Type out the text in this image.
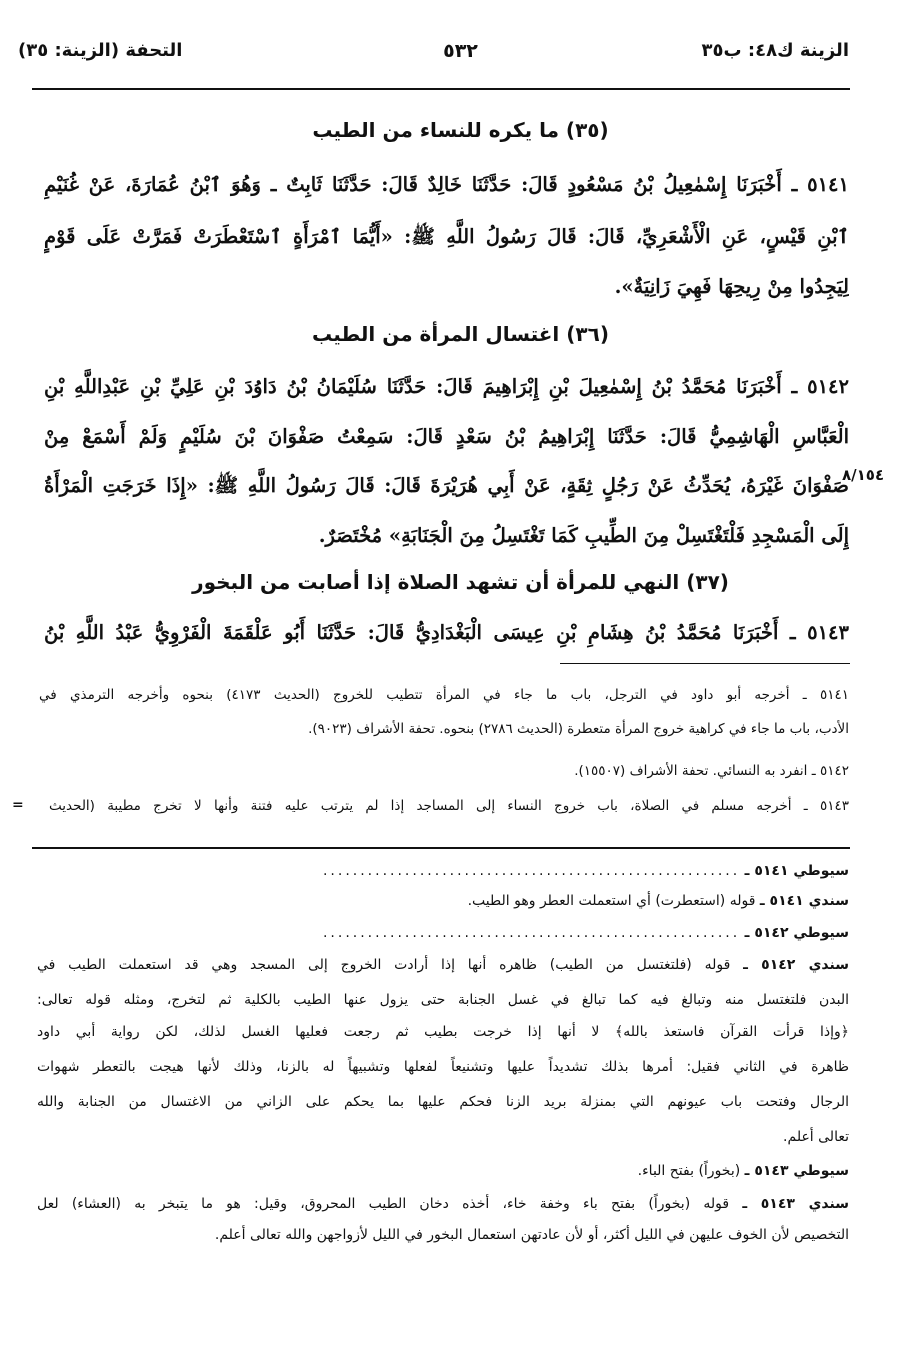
الزينة ك٤٨: ب٣٥
٥٣٢
التحفة (الزينة: ٣٥)
(٣٥) ما يكره للنساء من الطيب
٥١٤١ ـ أَخْبَرَنَا إِسْمٰعِيلُ بْنُ مَسْعُودٍ قَالَ: حَدَّثَنَا خَالِدٌ قَالَ: حَدَّثَنَا ثَابِتٌ ـ وَهُوَ ٱبْنُ عُمَارَةَ، عَنْ غُنَيْمِ
ٱبْنِ قَيْسٍ، عَنِ الْأَشْعَرِيِّ، قَالَ: قَالَ رَسُولُ اللَّهِ ﷺ: «أَيُّمَا ٱمْرَأَةٍ ٱسْتَعْطَرَتْ فَمَرَّتْ عَلَى قَوْمٍ
لِيَجِدُوا مِنْ رِيحِهَا فَهِيَ زَانِيَةٌ».
(٣٦) اغتسال المرأة من الطيب
٥١٤٢ ـ أَخْبَرَنَا مُحَمَّدُ بْنُ إِسْمٰعِيلَ بْنِ إِبْرَاهِيمَ قَالَ: حَدَّثَنَا سُلَيْمَانُ بْنُ دَاوُدَ بْنِ عَلِيِّ بْنِ عَبْدِاللَّهِ بْنِ
الْعَبَّاسِ الْهَاشِمِيُّ قَالَ: حَدَّثَنَا إِبْرَاهِيمُ بْنُ سَعْدٍ قَالَ: سَمِعْتُ صَفْوَانَ بْنَ سُلَيْمٍ وَلَمْ أَسْمَعْ مِنْ
صَفْوَانَ غَيْرَهُ، يُحَدِّثُ عَنْ رَجُلٍ ثِقَةٍ، عَنْ أَبِي هُرَيْرَةَ قَالَ: قَالَ رَسُولُ اللَّهِ ﷺ: «إِذَا خَرَجَتِ الْمَرْأَةُ
إِلَى الْمَسْجِدِ فَلْتَغْتَسِلْ مِنَ الطِّيبِ كَمَا تَغْتَسِلُ مِنَ الْجَنَابَةِ» مُخْتَصَرٌ.
٨/١٥٤
(٣٧) النهي للمرأة أن تشهد الصلاة إذا أصابت من البخور
٥١٤٣ ـ أَخْبَرَنَا مُحَمَّدُ بْنُ هِشَامِ بْنِ عِيسَى الْبَغْدَادِيُّ قَالَ: حَدَّثَنَا أَبُو عَلْقَمَةَ الْفَرْوِيُّ عَبْدُ اللَّهِ بْنُ
٥١٤١ ـ أخرجه أبو داود في الترجل، باب ما جاء في المرأة تتطيب للخروج (الحديث ٤١٧٣) بنحوه وأخرجه الترمذي في
الأدب، باب ما جاء في كراهية خروج المرأة متعطرة (الحديث ٢٧٨٦) بنحوه. تحفة الأشراف (٩٠٢٣).
٥١٤٢ ـ انفرد به النسائي. تحفة الأشراف (١٥٥٠٧).
٥١٤٣ ـ أخرجه مسلم في الصلاة، باب خروج النساء إلى المساجد إذا لم يترتب عليه فتنة وأنها لا تخرج مطيبة (الحديث
=
سيوطي ٥١٤١ ـ ........................................................
سندي ٥١٤١ ـ قوله (استعطرت) أي استعملت العطر وهو الطيب.
سيوطي ٥١٤٢ ـ ........................................................
سندي ٥١٤٢ ـ قوله (فلتغتسل من الطيب) ظاهره أنها إذا أرادت الخروج إلى المسجد وهي قد استعملت الطيب في
البدن فلتغتسل منه وتبالغ فيه كما تبالغ في غسل الجنابة حتى يزول عنها الطيب بالكلية ثم لتخرج، ومثله قوله تعالى:
﴿وإذا قرأت القرآن فاستعذ بالله﴾ لا أنها إذا خرجت بطيب ثم رجعت فعليها الغسل لذلك، لكن رواية أبي داود
ظاهرة في الثاني فقيل: أمرها بذلك تشديداً عليها وتشنيعاً لفعلها وتشبيهاً له بالزنا، وذلك لأنها هيجت بالتعطر شهوات
الرجال وفتحت باب عيونهم التي بمنزلة بريد الزنا فحكم عليها بما يحكم على الزاني من الاغتسال من الجنابة والله
تعالى أعلم.
سيوطي ٥١٤٣ ـ (بخوراً) بفتح الباء.
سندي ٥١٤٣ ـ قوله (بخوراً) بفتح باء وخفة خاء، أخذه دخان الطيب المحروق، وقيل: هو ما يتبخر به (العشاء) لعل
التخصيص لأن الخوف عليهن في الليل أكثر، أو لأن عادتهن استعمال البخور في الليل لأزواجهن والله تعالى أعلم.
